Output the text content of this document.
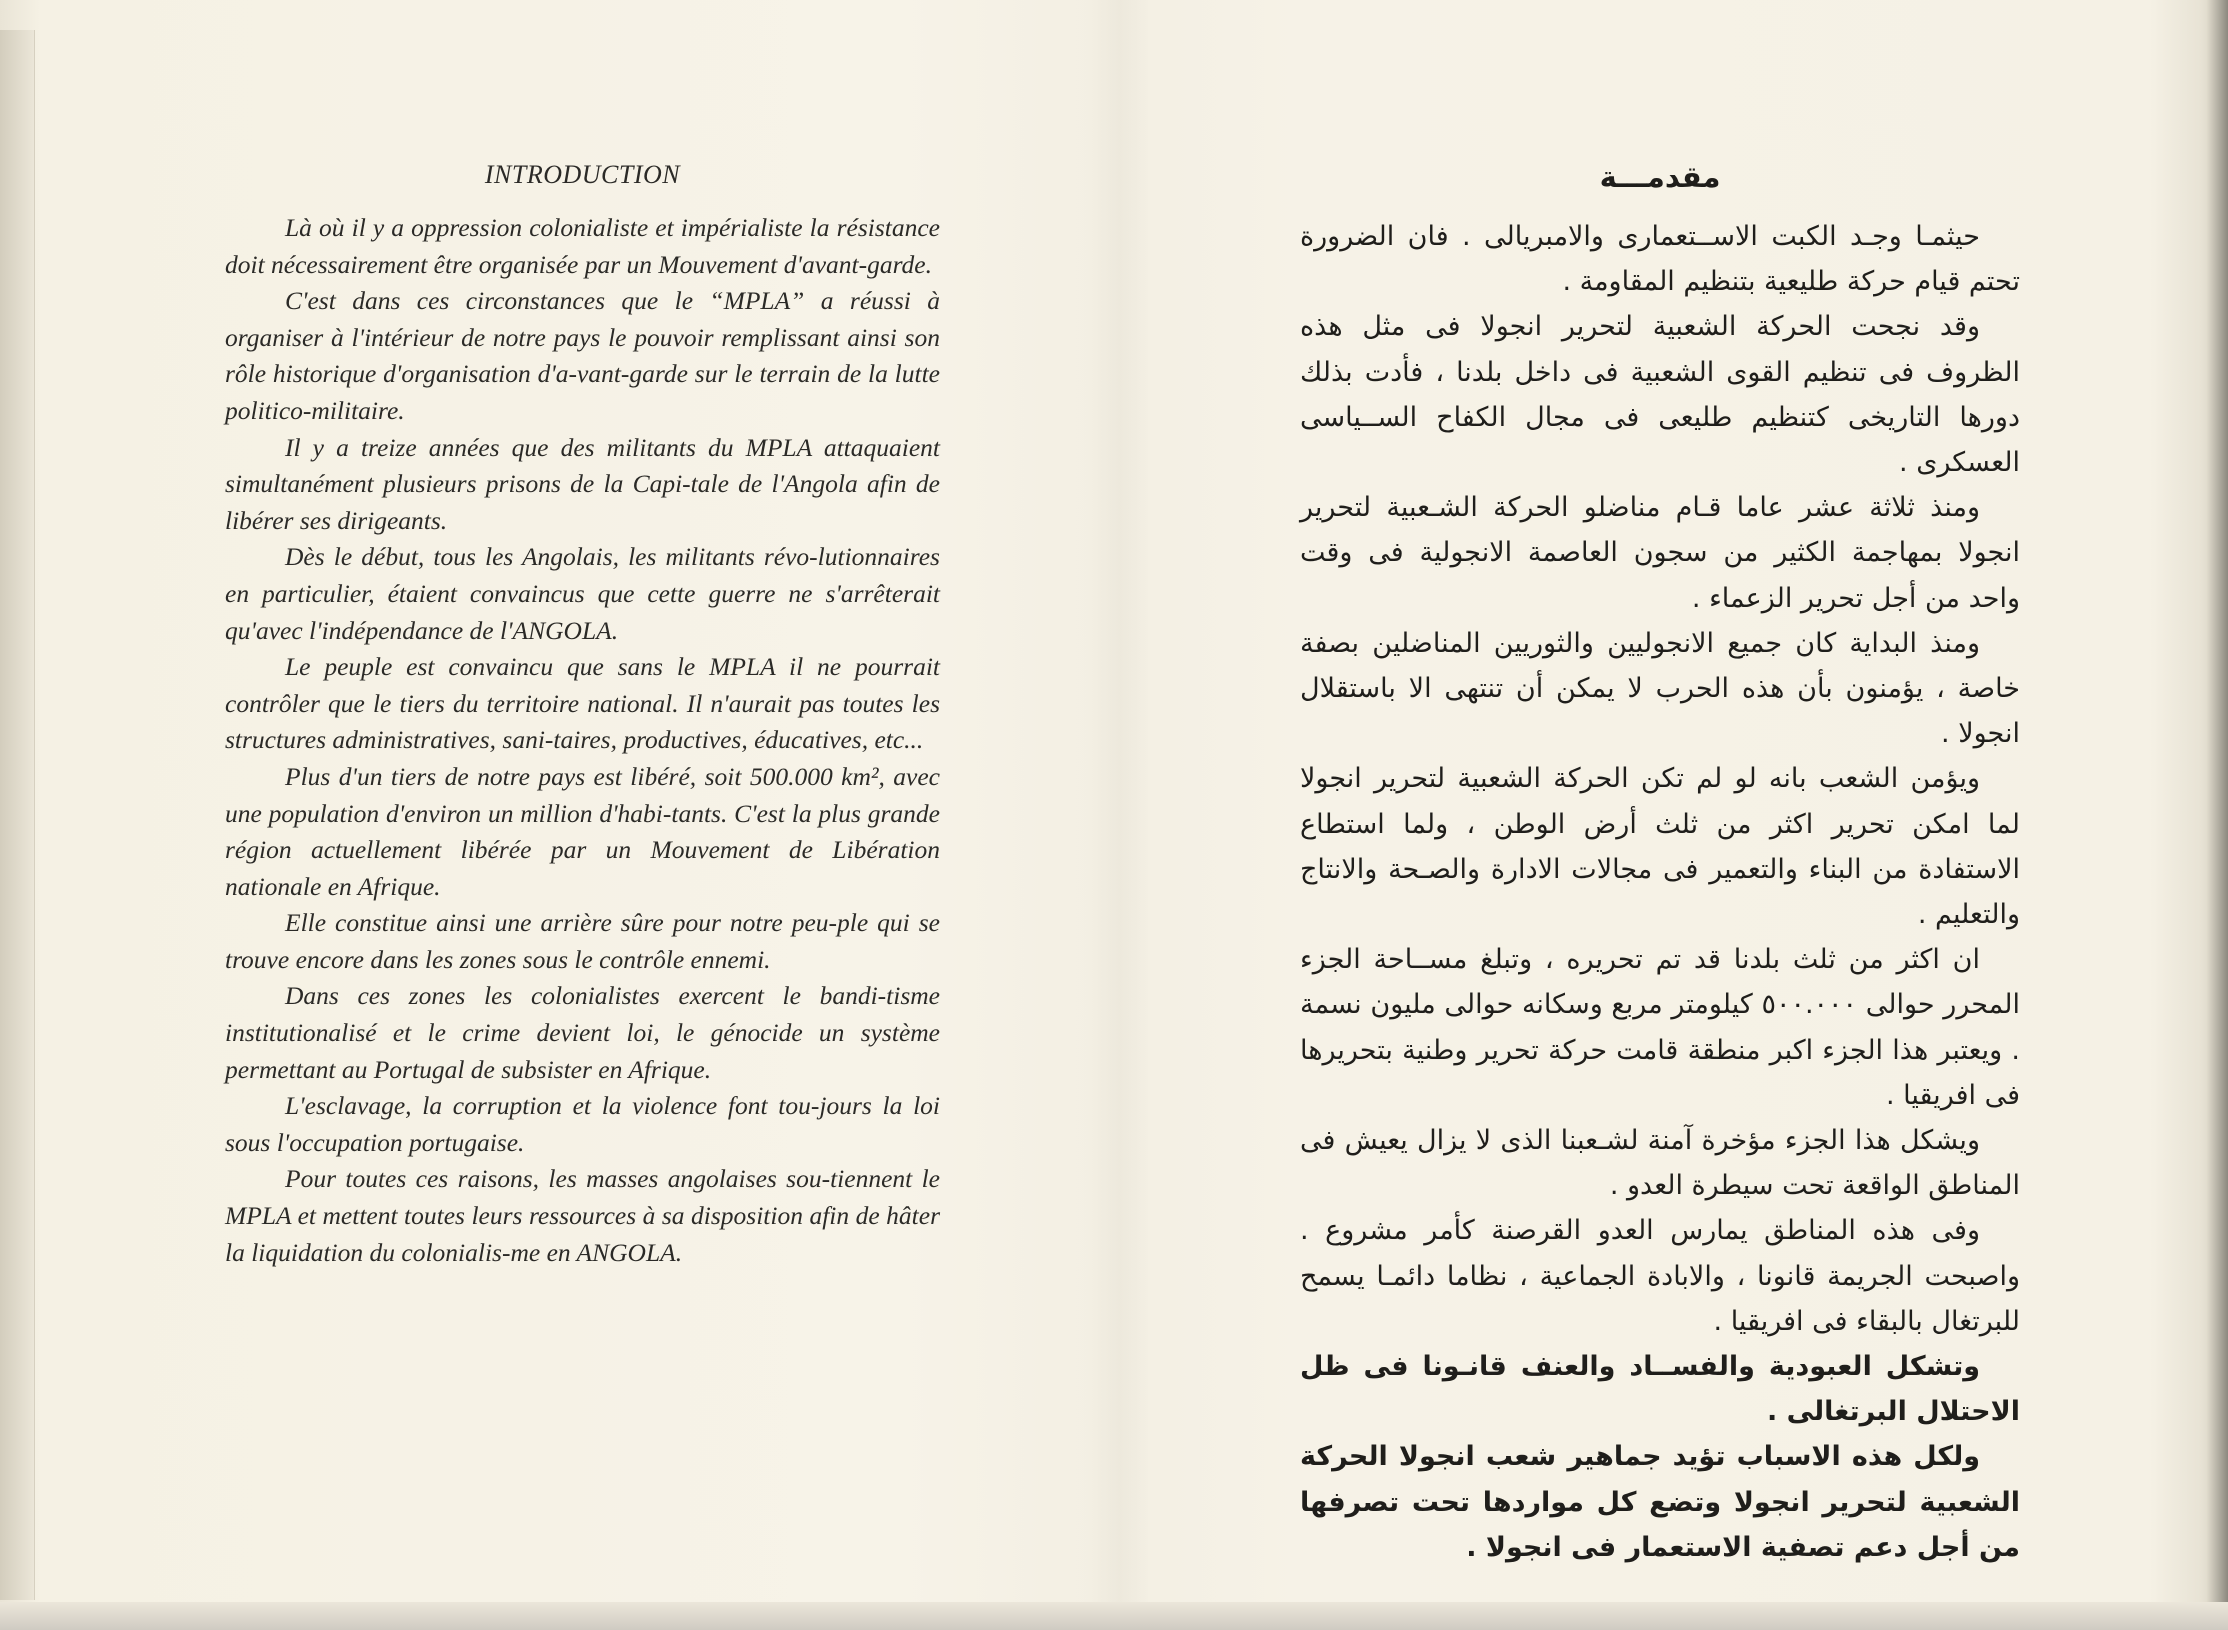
INTRODUCTION

Là où il y a oppression colonialiste et impérialiste la résistance doit nécessairement être organisée par un Mouvement d'avant-garde.

C'est dans ces circonstances que le “MPLA” a réussi à organiser à l'intérieur de notre pays le pouvoir remplissant ainsi son rôle historique d'organisation d'a-vant-garde sur le terrain de la lutte politico-militaire.

Il y a treize années que des militants du MPLA attaquaient simultanément plusieurs prisons de la Capi-tale de l'Angola afin de libérer ses dirigeants.

Dès le début, tous les Angolais, les militants révo-lutionnaires en particulier, étaient convaincus que cette guerre ne s'arrêterait qu'avec l'indépendance de l'ANGOLA.

Le peuple est convaincu que sans le MPLA il ne pourrait contrôler que le tiers du territoire national. Il n'aurait pas toutes les structures administratives, sani-taires, productives, éducatives, etc...

Plus d'un tiers de notre pays est libéré, soit 500.000 km², avec une population d'environ un million d'habi-tants. C'est la plus grande région actuellement libérée par un Mouvement de Libération nationale en Afrique.

Elle constitue ainsi une arrière sûre pour notre peu-ple qui se trouve encore dans les zones sous le contrôle ennemi.

Dans ces zones les colonialistes exercent le bandi-tisme institutionalisé et le crime devient loi, le génocide un système permettant au Portugal de subsister en Afrique.

L'esclavage, la corruption et la violence font tou-jours la loi sous l'occupation portugaise.

Pour toutes ces raisons, les masses angolaises sou-tiennent le MPLA et mettent toutes leurs ressources à sa disposition afin de hâter la liquidation du colonialis-me en ANGOLA.

مقدمـــة

حيثمـا وجـد الكبت الاســتعمارى والامبريالى . فان الضرورة تحتم قيام حركة طليعية بتنظيم المقاومة .

وقد نجحت الحركة الشعبية لتحرير انجولا فى مثل هذه الظروف فى تنظيم القوى الشعبية فى داخل بلدنا ، فأدت بذلك دورها التاريخى كتنظيم طليعى فى مجال الكفاح الســياسى العسكرى .

ومنذ ثلاثة عشر عاما قـام مناضلو الحركة الشـعبية لتحرير انجولا بمهاجمة الكثير من سجون العاصمة الانجولية فى وقت واحد من أجل تحرير الزعماء .

ومنذ البداية كان جميع الانجوليين والثوريين المناضلين بصفة خاصة ، يؤمنون بأن هذه الحرب لا يمكن أن تنتهى الا باستقلال انجولا .

ويؤمن الشعب بانه لو لم تكن الحركة الشعبية لتحرير انجولا لما امكن تحرير اكثر من ثلث أرض الوطن ، ولما استطاع الاستفادة من البناء والتعمير فى مجالات الادارة والصـحة والانتاج والتعليم .

ان اكثر من ثلث بلدنا قد تم تحريره ، وتبلغ مســاحة الجزء المحرر حوالى ٥٠٠.٠٠٠ كيلومتر مربع وسكانه حوالى مليون نسمة . ويعتبر هذا الجزء اكبر منطقة قامت حركة تحرير وطنية بتحريرها فى افريقيا .

ويشكل هذا الجزء مؤخرة آمنة لشـعبنا الذى لا يزال يعيش فى المناطق الواقعة تحت سيطرة العدو .

وفى هذه المناطق يمارس العدو القرصنة كأمر مشروع . واصبحت الجريمة قانونا ، والابادة الجماعية ، نظاما دائمـا يسمح للبرتغال بالبقاء فى افريقيا .

وتشكل العبودية والفســاد والعنف قانـونا فى ظل الاحتلال البرتغالى .

ولكل هذه الاسباب تؤيد جماهير شعب انجولا الحركة الشعبية لتحرير انجولا وتضع كل مواردها تحت تصرفها من أجل دعم تصفية الاستعمار فى انجولا .
